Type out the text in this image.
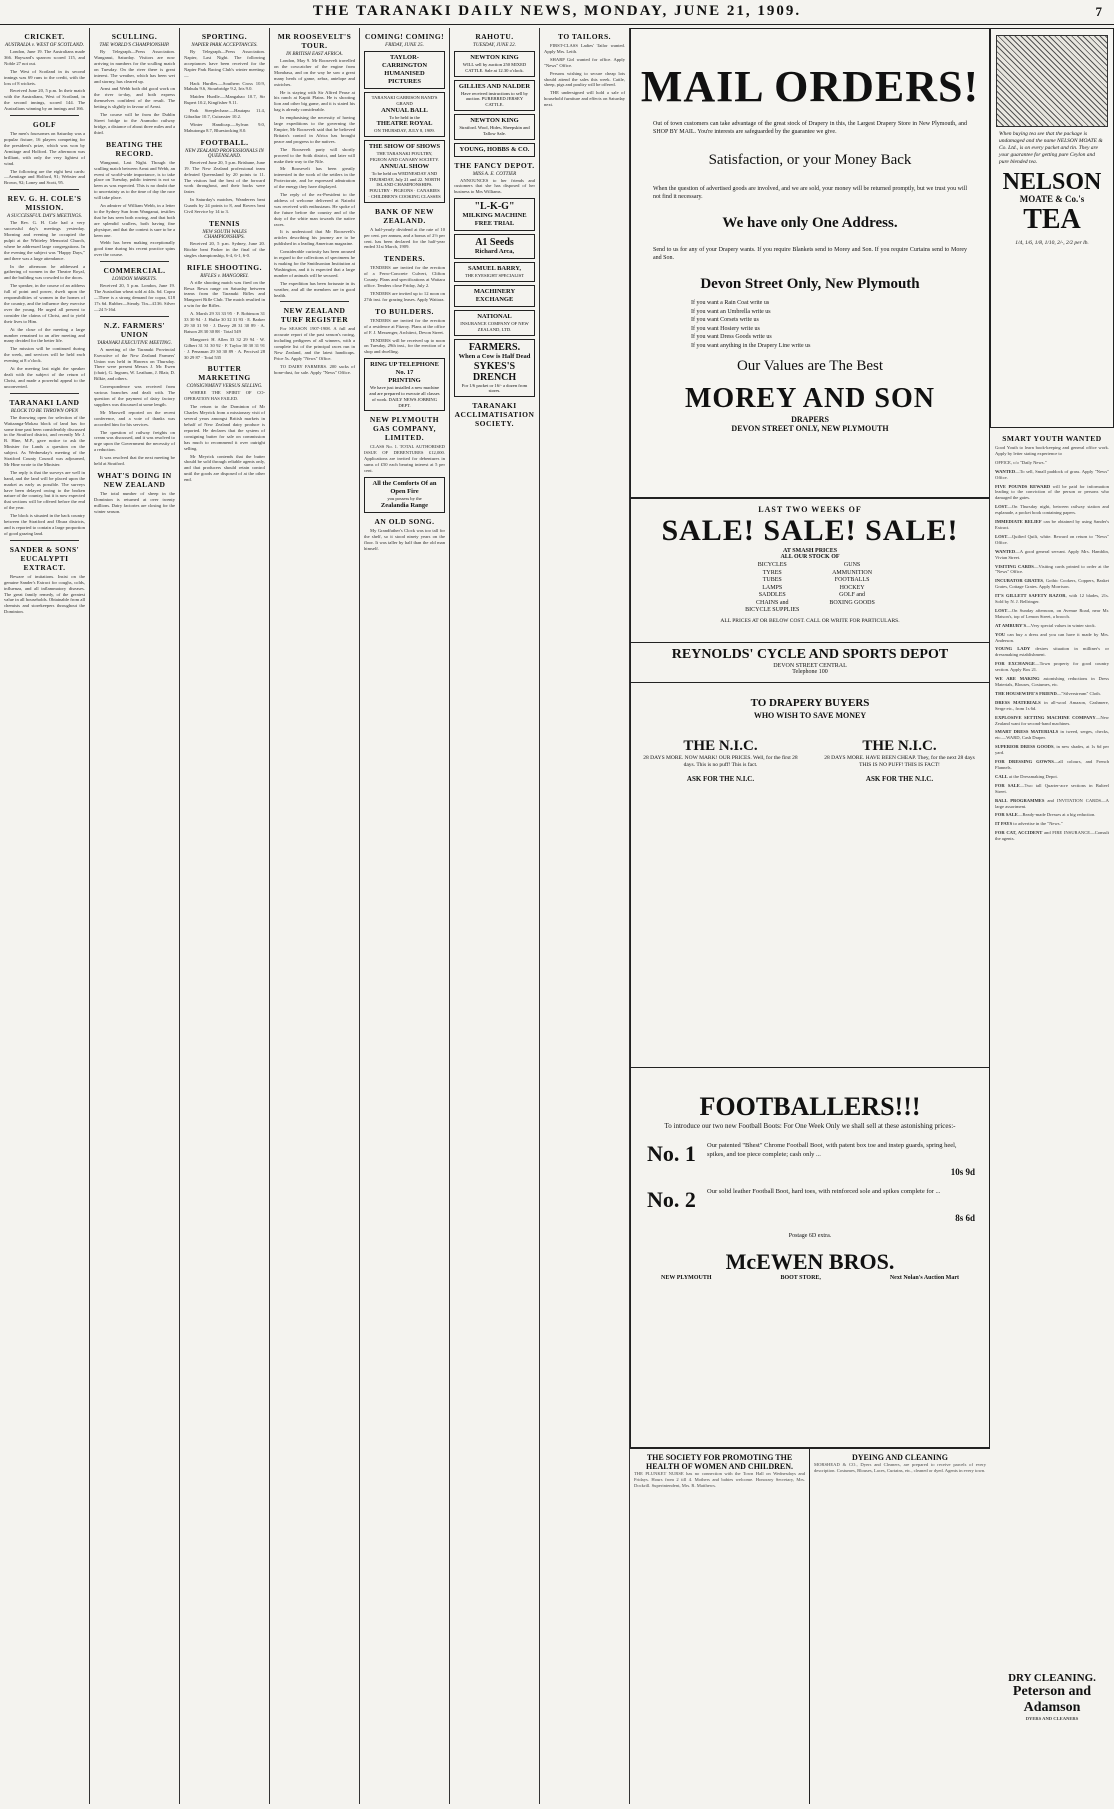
THE TARANAKI DAILY NEWS, MONDAY, JUNE 21, 1909.	7
CRICKET.
AUSTRALIA v. WEST OF SCOTLAND.

London, June 19. The Australians made 366. Hayward's sparrow scored 115, and Noble 27 not out.

The West of Scotland in its second innings was 69 runs to the credit, with the loss of 8 wickets.

Received June 20, 5 p.m. In their match with the Australians, West of Scotland, in the second innings, scored 144. The Australians winning by an innings and 166.

GOLF

The men's foursomes on Saturday was a popular fixture, 16 players competing for the president's prize, which was won by Armitage and Holford. The afternoon was brilliant, with only the very lightest of wind.

The following are the eight best cards:—Armitage and Holford, 91; Webster and Brown, 92; Loney and Scott, 95.

REV. G. H. COLE'S MISSION.
A SUCCESSFUL DAY'S MEETINGS.

The Rev. G. H. Cole had a very successful day's meetings yesterday. Morning and evening he occupied the pulpit at the Whiteley Memorial Church, where he addressed large congregations. In the evening the subject was "Happy Days," and there was a large attendance.

In the afternoon he addressed a gathering of women in the Theatre Royal, and the building was crowded to the doors.

The speaker, in the course of an address full of point and power, dwelt upon the responsibilities of women in the homes of the country, and the influence they exercise over the young. He urged all present to consider the claims of Christ, and to yield their lives to Him.

At the close of the meeting a large number remained to an after meeting and many decided for the better life.

The mission will be continued during the week, and services will be held each evening at 8 o'clock.

At the meeting last night the speaker dealt with the subject of the return of Christ, and made a powerful appeal to the unconverted.

TARANAKI LAND
BLOCK TO BE THROWN OPEN

The throwing open for selection of the Waitaanga-Mokau block of land has for some time past been considerably discussed in the Stratford district, and recently Mr J. B. Hine, M.P., gave notice to ask the Minister for Lands a question on the subject. As Wednesday's meeting of the Stratford County Council was adjourned, Mr Hine wrote to the Minister.

The reply is that the surveys are well in hand, and the land will be placed upon the market as early as possible. The surveys have been delayed owing to the broken nature of the country, but it is now expected that sections will be offered before the end of the year.

The block is situated in the back country between the Stratford and Ohura districts, and is reported to contain a large proportion of good grazing land.

SANDER & SONS' EUCALYPTI EXTRACT.

Beware of imitations. Insist on the genuine Sander's Extract for coughs, colds, influenza, and all inflammatory diseases. The great family remedy, of the greatest value in all households. Obtainable from all chemists and storekeepers throughout the Dominion.

SCULLING.
THE WORLD'S CHAMPIONSHIP.

By Telegraph—Press Association. Wanganui, Saturday. Visitors are now arriving in numbers for the sculling match on Tuesday. On the river there is great interest. The weather, which has been wet and stormy, has cleared up.

Arnst and Webb both did good work on the river to-day, and both express themselves confident of the result. The betting is slightly in favour of Arnst.

The course will be from the Dublin Street bridge to the Aramoho railway bridge, a distance of about three miles and a third.

BEATING THE RECORD.

Wanganui, Last Night. Though the sculling match between Arnst and Webb, an event of world-wide importance, is to take place on Tuesday, public interest is not so keen as was expected. This is no doubt due to uncertainty as to the time of day the race will take place.

An admirer of William Webb, in a letter to the Sydney Sun from Wanganui, testifies that he has seen both rowing, and that both are splendid scullers, both having fine physique, and that the contest is sure to be a keen one.

Webb has been making exceptionally good time during his recent practice spins over the course.

COMMERCIAL.
LONDON MARKETS.

Received 20, 5 p.m. London, June 19. The Australian wheat sold at 44s. 6d. Copra—There is a strong demand for copra, £18 17s 6d. Rubber—Steady. Tin—£136. Silver—24 5-16d.

N.Z. FARMERS' UNION
TARANAKI EXECUTIVE MEETING.

A meeting of the Taranaki Provincial Executive of the New Zealand Farmers' Union was held in Hawera on Thursday. There were present Messrs J. Mc Ewen (chair), G. Ingram, W. Leatham, J. Blair, D. Bilkie, and others.

Correspondence was received from various branches and dealt with. The question of the payment of dairy factory suppliers was discussed at some length.

Mr Maxwell reported on the recent conference, and a vote of thanks was accorded him for his services.

The question of railway freights on cream was discussed, and it was resolved to urge upon the Government the necessity of a reduction.

It was resolved that the next meeting be held at Stratford.

WHAT'S DOING IN NEW ZEALAND

The total number of sheep in the Dominion is returned at over twenty millions. Dairy factories are closing for the winter season.

SPORTING.
NAPIER PARK ACCEPTANCES.

By Telegraph—Press Association. Napier, Last Night. The following acceptances have been received for the Napier Park Racing Club's winter meeting:—

Hack Hurdles.—Southern Cross 10.9, Mahulu 9.6, Stourbridge 9.2, Iris 9.0.

Maiden Hurdle.—Mangahao 10.7, Sir Rupert 10.2, Kingfisher 9.11.

Park Steeplechase.—Hautapu 11.4, Gibraltar 10.7, Cuirassier 10.2.

Winter Handicap.—Sylvan 9.0, Mahutonga 8.7, Bluestocking 8.0.

FOOTBALL.
NEW ZEALAND PROFESSIONALS IN QUEENSLAND.

Received June 20, 5 p.m. Brisbane, June 19. The New Zealand professional team defeated Queensland by 20 points to 11. The visitors had the best of the forward work throughout, and their backs were faster.

In Saturday's matches, Wanderers beat Guards by 24 points to 8, and Rovers beat Civil Service by 14 to 3.

TENNIS
NEW SOUTH WALES CHAMPIONSHIPS.

Received 20, 5 p.m. Sydney, June 20. Ritchie beat Parker in the final of the singles championship, 6-4, 6-1, 6-0.

RIFLE SHOOTING.
RIFLES v. MANGOREI.

A rifle shooting match was fired on the Rewa Rewa range on Saturday between teams from the Taranaki Rifles and Mangorei Rifle Club. The match resulted in a win for the Rifles.

A. Marsh 29 33 33 95 · F. Robinson 31 33 30 94 · J. Hulke 30 32 31 93 · E. Barker 29 30 31 90 · J. Davey 28 31 30 89 · A. Batson 28 30 30 88 · Total 549

Mangorei: H. Allen 33 32 29 94 · W. Gilbert 31 31 30 92 · F. Taylor 30 30 31 91 · J. Penaman 29 30 30 89 · A. Percival 28 30 29 87 · Total 535

BUTTER MARKETING
CONSIGNMENT VERSUS SELLING.

WHERE THE SPIRIT OF CO-OPERATION HAS FAILED.

The return to the Dominion of Mr Charles Meyrick from a missionary visit of several years amongst British markets in behalf of New Zealand dairy produce is reported. He declares that the system of consigning butter for sale on commission has much to recommend it over outright selling.

Mr Meyrick contends that the butter should be sold through reliable agents only, and that producers should retain control until the goods are disposed of at the other end.

MR ROOSEVELT'S TOUR.
IN BRITISH EAST AFRICA.

London, May 9. Mr Roosevelt travelled on the cowcatcher of the engine from Mombasa, and on the way he saw a great many herds of game, zebra, antelope and ostriches.

He is staying with Sir Alfred Pease at his ranch at Kapiti Plains. He is shooting lion and other big game, and it is stated his bag is already considerable.

In emphasising the necessity of having large expeditions to the governing the Empire, Mr Roosevelt said that he believed Britain's control in Africa has brought peace and progress to the natives.

The Roosevelt party will shortly proceed to the Sotik district, and later will make their way to the Nile.

Mr Roosevelt has been greatly interested in the work of the settlers in the Protectorate, and he expressed admiration of the energy they have displayed.

The reply of the ex-President to the address of welcome delivered at Nairobi was received with enthusiasm. He spoke of the future before the country and of the duty of the white man towards the native races.

It is understood that Mr Roosevelt's articles describing his journey are to be published in a leading American magazine.

Considerable curiosity has been aroused in regard to the collections of specimens he is making for the Smithsonian Institution at Washington, and it is expected that a large number of animals will be secured.

The expedition has been fortunate in its weather, and all the members are in good health.

NEW ZEALAND TURF REGISTER

For SEASON 1907-1908. A full and accurate report of the past season's racing, including pedigrees of all winners, with a complete list of the principal races run in New Zealand, and the latest handicaps. Price 5s. Apply "News" Office.

TO DAIRY FARMERS. 200 sacks of bone-dust, for sale. Apply "News" Office.

COMING! COMING!
FRIDAY, JUNE 25.
TAYLOR-CARRINGTON HUMANISED PICTURES
TARANAKI GARRISON BAND'S GRAND
ANNUAL BALL
To be held in the
THEATRE ROYAL
ON THURSDAY, JULY 8, 1909.
THE SHOW OF SHOWS
THE TARANAKI POULTRY, PIGEON AND CANARY SOCIETY.
ANNUAL SHOW
To be held on WEDNESDAY AND THURSDAY, July 21 and 22. NORTH ISLAND CHAMPIONSHIPS. POULTRY · PIGEONS · CANARIES · CHILDREN'S COOKING CLASSES
BANK OF NEW ZEALAND.

A half-yearly dividend at the rate of 10 per cent. per annum, and a bonus of 2½ per cent. has been declared for the half-year ended 31st March, 1909.

TENDERS.

TENDERS are invited for the erection of a Ferro-Concrete Culvert, Clifton County. Plans and specifications at Waitara office. Tenders close Friday, July 2.

TENDERS are invited up to 12 noon on 27th inst. for grazing leases. Apply Waitara.

TO BUILDERS.

TENDERS are invited for the erection of a residence at Fitzroy. Plans at the office of F. J. Messenger, Architect, Devon Street.

TENDERS will be received up to noon on Tuesday, 29th inst., for the erection of a shop and dwelling.

RING UP TELEPHONE No. 17
PRINTING
We have just installed a new machine and are prepared to execute all classes of work. DAILY NEWS JOBBING DEPT.
NEW PLYMOUTH GAS COMPANY, LIMITED.

CLASS No. 1. TOTAL AUTHORISED ISSUE OF DEBENTURES £12,000. Applications are invited for debentures in sums of £50 each bearing interest at 5 per cent.

All the Comforts Of an Open Fire
you possess by the
Zealandia Range
AN OLD SONG.

My Grandfather's Clock was too tall for the shelf, so it stood ninety years on the floor. It was taller by half than the old man himself.

RAHOTU.
TUESDAY, JUNE 22.
NEWTON KING
WILL sell by auction 250 MIXED CATTLE. Sale at 12.30 o'clock.
GILLIES AND NALDER
Have received instructions to sell by auction. PUREBRED JERSEY CATTLE.
NEWTON KING
Stratford. Wool, Hides, Sheepskin and Tallow Sale.
YOUNG, HOBBS & CO.
THE FANCY DEPOT.
MISS A. E. COTTIER

ANNOUNCES to her friends and customers that she has disposed of her business to Mrs Williams.

"L-K-G"
MILKING MACHINE
FREE TRIAL
A1 Seeds
Richard Arca,
SAMUEL BARRY,
THE EYESIGHT SPECIALIST
MACHINERY EXCHANGE
NATIONAL
INSURANCE COMPANY OF NEW ZEALAND, LTD.
FARMERS.
When a Cow is Half Dead
SYKES'S DRENCH
For 1/6 packet or 16/- a dozen from stores.
TARANAKI ACCLIMATISATION SOCIETY.
TO TAILORS.

FIRST-CLASS Ladies' Tailor wanted. Apply Mrs. Leith.

SHARP Girl wanted for office. Apply "News" Office.

Persons wishing to secure cheap lots should attend the sales this week. Cattle, sheep, pigs and poultry will be offered.

THE undersigned will hold a sale of household furniture and effects on Saturday next.	MAIL ORDERS!
Out of town customers can take advantage of the great stock of Drapery in this, the Largest Drapery Store in New Plymouth, and SHOP BY MAIL. You're interests are safeguarded by the guarantee we give.
Satisfaction, or your Money Back
When the question of advertised goods are involved, and we are sold, your money will be returned promptly, but we trust you will not find it necessary.
We have only One Address.
Send to us for any of your Drapery wants. If you require Blankets send to Morey and Son. If you require Curtains send to Morey and Son.
Devon Street Only, New Plymouth
If you want a Rain Coat write us
If you want an Umbrella write us
If you want Corsets write us
If you want Hosiery write us
If you want Dress Goods write us
If you want anything in the Drapery Line write us
Our Values are The Best
MOREY AND SON
DRAPERS
DEVON STREET ONLY, NEW PLYMOUTH
When buying tea see that the package is undamaged and the name NELSON MOATE & Co. Ltd., is on every packet and tin. They are your guarantee for getting pure Ceylon and pure blended tea.
NELSON
MOATE & Co.'s
TEA
1/4, 1/6, 1/8, 1/10, 2/-, 2/2 per lb.
SMART YOUTH WANTED

Good Youth to learn book-keeping and general office work. Apply by letter stating experience to

OFFICE, c/o "Daily News."

WANTED—To sell, Small paddock of grass. Apply "News" Office.

FIVE POUNDS REWARD will be paid for information leading to the conviction of the person or persons who damaged the gates.

LOST—On Thursday night, between railway station and esplanade, a pocket book containing papers.

IMMEDIATE RELIEF can be obtained by using Sander's Extract.

LOST—Quilted Quilt, white. Reward on return to "News" Office.

WANTED—A good general servant. Apply Mrs. Hamblin, Vivian Street.

VISITING CARDS—Visiting cards printed to order at the "News" Office.

INCUBATOR GRATES, Gothic Cookers, Coppers, Basket Grates, Cottage Grates. Apply Morrison.

IT'S GILLETT SAFETY RAZOR, with 12 blades, 21s. Sold by N. J. Bellringer.

LOST—On Sunday afternoon, on Avenue Road, near Mr. Matson's, top of Lemon Street, a brooch.

AT AMBURY'S—Very special values in winter stock.

YOU can buy a dress and you can have it made by Mrs. Anderson.

YOUNG LADY desires situation in milliner's or dressmaking establishment.

FOR EXCHANGE—Town property for good country section. Apply Box 21.

WE ARE MAKING astonishing reductions in Dress Materials, Blouses, Costumes, etc.

THE HOUSEWIFE'S FRIEND—"Silverstream" Cloth.

DRESS MATERIALS in all-wool Amazon, Cashmere, Serge etc., from 1s 6d.

EXPLOSIVE SETTING MACHINE COMPANY—New Zealand want for second-hand machines.

SMART DRESS MATERIALS in tweed, serges, checks, etc.—WARD, Cash Draper.

SUPERIOR DRESS GOODS, in new shades, at 1s 6d per yard.

FOR DRESSING GOWNS—all colours, and French Flannels.

CALL at the Dressmaking Depot.

FOR SALE—Two tall Quarter-acre sections in Bulteel Street.

BALL PROGRAMMES and INVITATION CARDS—A large assortment.

FOR SALE—Ready-made Dresses at a big reduction.

IT PAYS to advertise in the "News."

FOR CAT, ACCIDENT and FIRE INSURANCE—Consult the agents.

LAST TWO WEEKS OF
SALE! SALE! SALE!
AT SMASH PRICES
ALL OUR STOCK OF
BICYCLES
TYRES
TUBES
LAMPS
SADDLES
CHAINS and
BICYCLE SUPPLIES
GUNS
AMMUNITION
FOOTBALLS
HOCKEY
GOLF and
BOXING GOODS
ALL PRICES AT OR BELOW COST. CALL OR WRITE FOR PARTICULARS.
REYNOLDS' CYCLE AND SPORTS DEPOT
DEVON STREET CENTRAL
Telephone 100
TO DRAPERY BUYERS
WHO WISH TO SAVE MONEY
THE N.I.C.
28 DAYS MORE. NOW MARK! OUR PRICES. Well, for the first 28 days. This is no puff! This is fact.
THE N.I.C.
28 DAYS MORE. HAVE BEEN CHEAP. They, for the next 28 days THIS IS NO PUFF! THIS IS FACT!
ASK FOR THE N.I.C.	ASK FOR THE N.I.C.
FOOTBALLERS!!!
To introduce our two new Football Boots: For One Week Only we shall sell at these astonishing prices:-
No. 1	Our patented "Bhest" Chrome Football Boot, with patent box toe and instep guards, spring heel, spikes, and toe piece complete; cash only ...
10s 9d
No. 2	Our solid leather Football Boot, hard toes, with reinforced sole and spikes complete for ...
8s 6d
Postage 6D extra.
McEWEN BROS.
NEW PLYMOUTH	BOOT STORE,	Next Nolan's Auction Mart
THE SOCIETY FOR PROMOTING THE HEALTH OF WOMEN AND CHILDREN.
THE PLUNKET NURSE has no connection with the Town Hall on Wednesdays and Fridays. Hours from 2 till 4. Mothers and babies welcome. Honorary Secretary, Mrs. Dockrill. Superintendent, Mrs. R. Matthews.
DYEING AND CLEANING
MORSHEAD & CO., Dyers and Cleaners, are prepared to receive parcels of every description. Costumes, Blouses, Laces, Curtains, etc., cleaned or dyed. Agents in every town.
DRY CLEANING.
Peterson and Adamson
DYERS AND CLEANERS
